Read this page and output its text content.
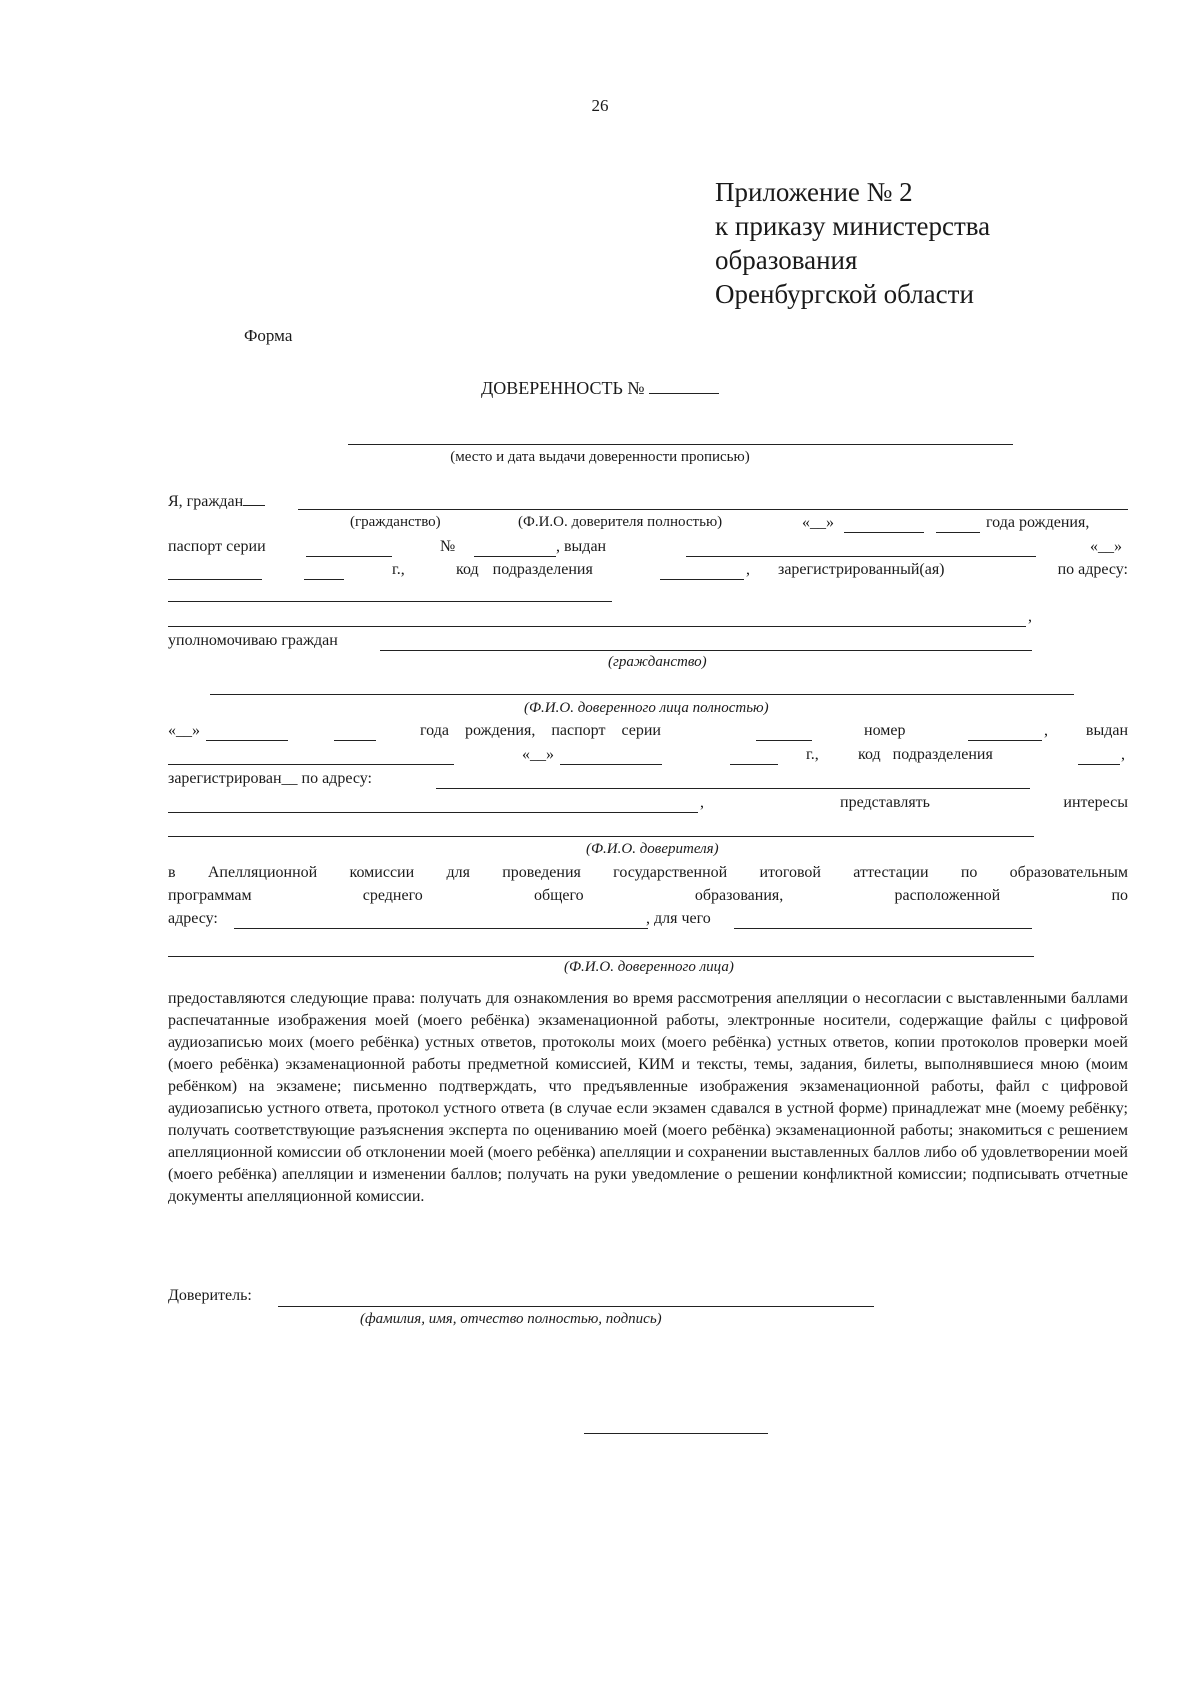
26
Приложение № 2
к приказу министерства
образования
Оренбургской области
Форма
ДОВЕРЕННОСТЬ №
(место и дата выдачи доверенности прописью)
Я, граждан
(гражданство)	(Ф.И.О. доверителя полностью)	«__»	года рождения,
паспорт серии	№	, выдан	«__»
г.,	код подразделения	, зарегистрированный(ая)	по адресу:
,
уполномочиваю граждан
(гражданство)
(Ф.И.О. доверенного лица полностью)
«__»	года рождения, паспорт серии	номер	,	выдан
«__»	г., код подразделения	,
зарегистрирован__ по адресу:
,	представлять	интересы
(Ф.И.О. доверителя)
в Апелляционной комиссии для проведения государственной итоговой аттестации по образовательным
программам среднего общего образования, расположенной по
адресу:	, для чего
(Ф.И.О. доверенного лица)
предоставляются следующие права: получать для ознакомления во время рассмотрения апелляции о несогласии с выставленными баллами распечатанные изображения моей (моего ребёнка) экзаменационной работы, электронные носители, содержащие файлы с цифровой аудиозаписью моих (моего ребёнка) устных ответов, протоколы моих (моего ребёнка) устных ответов, копии протоколов проверки моей (моего ребёнка) экзаменационной работы предметной комиссией, КИМ и тексты, темы, задания, билеты, выполнявшиеся мною (моим ребёнком) на экзамене; письменно подтверждать, что предъявленные изображения экзаменационной работы, файл с цифровой аудиозаписью устного ответа, протокол устного ответа (в случае если экзамен сдавался в устной форме) принадлежат мне (моему ребёнку; получать соответствующие разъяснения эксперта по оцениванию моей (моего ребёнка) экзаменационной работы; знакомиться с решением апелляционной комиссии об отклонении моей (моего ребёнка) апелляции и сохранении выставленных баллов либо об удовлетворении моей (моего ребёнка) апелляции и изменении баллов; получать на руки уведомление о решении конфликтной комиссии; подписывать отчетные документы апелляционной комиссии.
Доверитель:
(фамилия, имя, отчество полностью, подпись)
